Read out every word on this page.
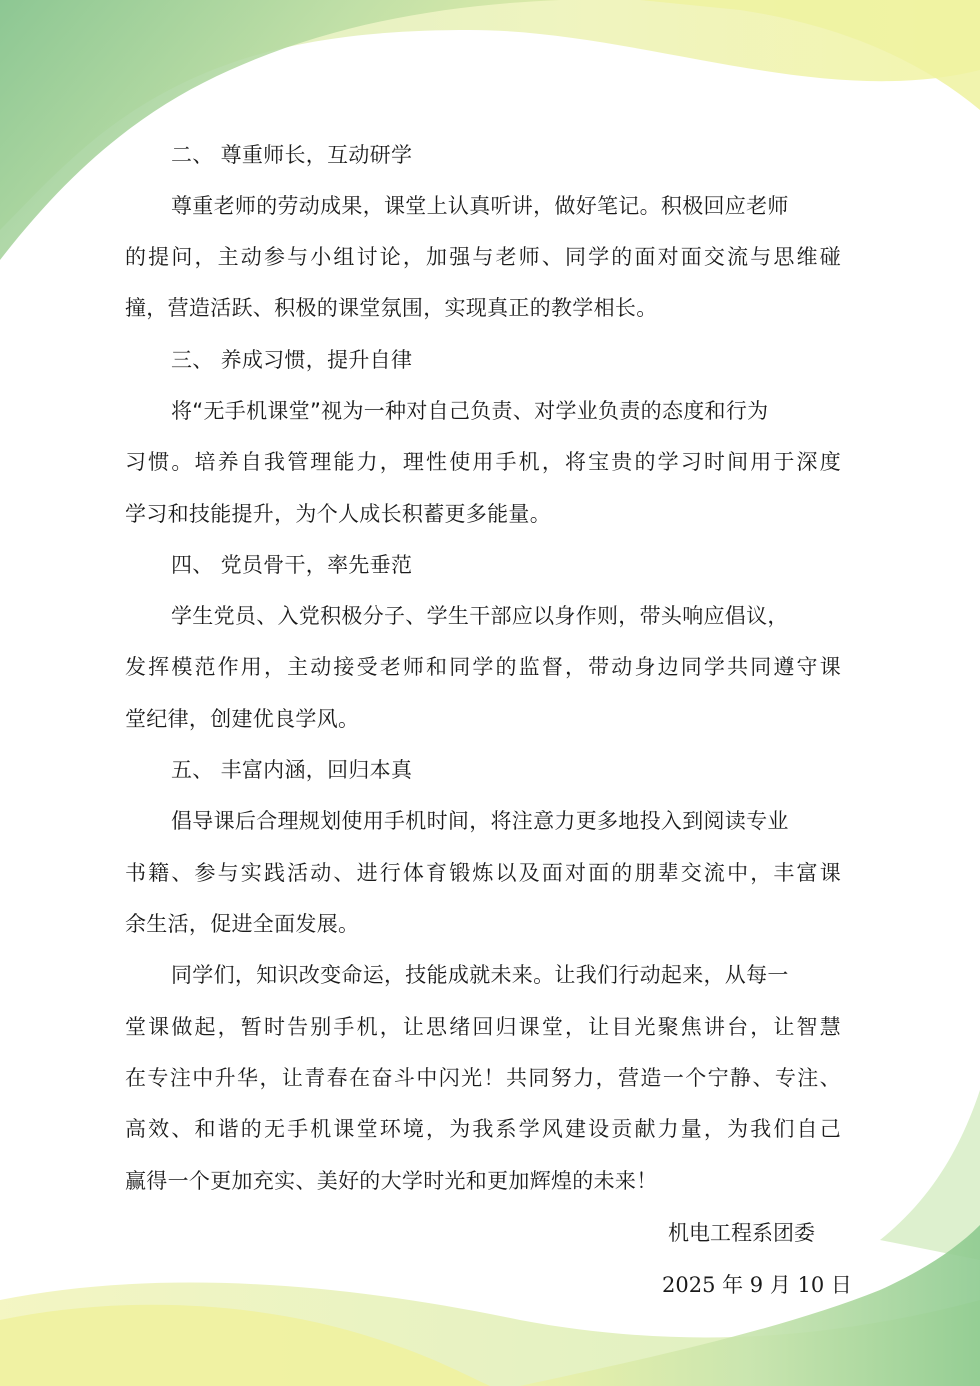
二、 尊重师长，互动研学
尊重老师的劳动成果，课堂上认真听讲，做好笔记。积极回应老师
的提问，主动参与小组讨论，加强与老师、同学的面对面交流与思维碰
撞，营造活跃、积极的课堂氛围，实现真正的教学相长。
三、 养成习惯，提升自律
将“无手机课堂”视为一种对自己负责、对学业负责的态度和行为
习惯。培养自我管理能力，理性使用手机，将宝贵的学习时间用于深度
学习和技能提升，为个人成长积蓄更多能量。
四、 党员骨干，率先垂范
学生党员、入党积极分子、学生干部应以身作则，带头响应倡议，
发挥模范作用，主动接受老师和同学的监督，带动身边同学共同遵守课
堂纪律，创建优良学风。
五、 丰富内涵，回归本真
倡导课后合理规划使用手机时间，将注意力更多地投入到阅读专业
书籍、参与实践活动、进行体育锻炼以及面对面的朋辈交流中，丰富课
余生活，促进全面发展。
同学们，知识改变命运，技能成就未来。让我们行动起来，从每一
堂课做起，暂时告别手机，让思绪回归课堂，让目光聚焦讲台，让智慧
在专注中升华，让青春在奋斗中闪光！共同努力，营造一个宁静、专注、
高效、和谐的无手机课堂环境，为我系学风建设贡献力量，为我们自己
赢得一个更加充实、美好的大学时光和更加辉煌的未来！
机电工程系团委
2025 年 9 月 10 日
